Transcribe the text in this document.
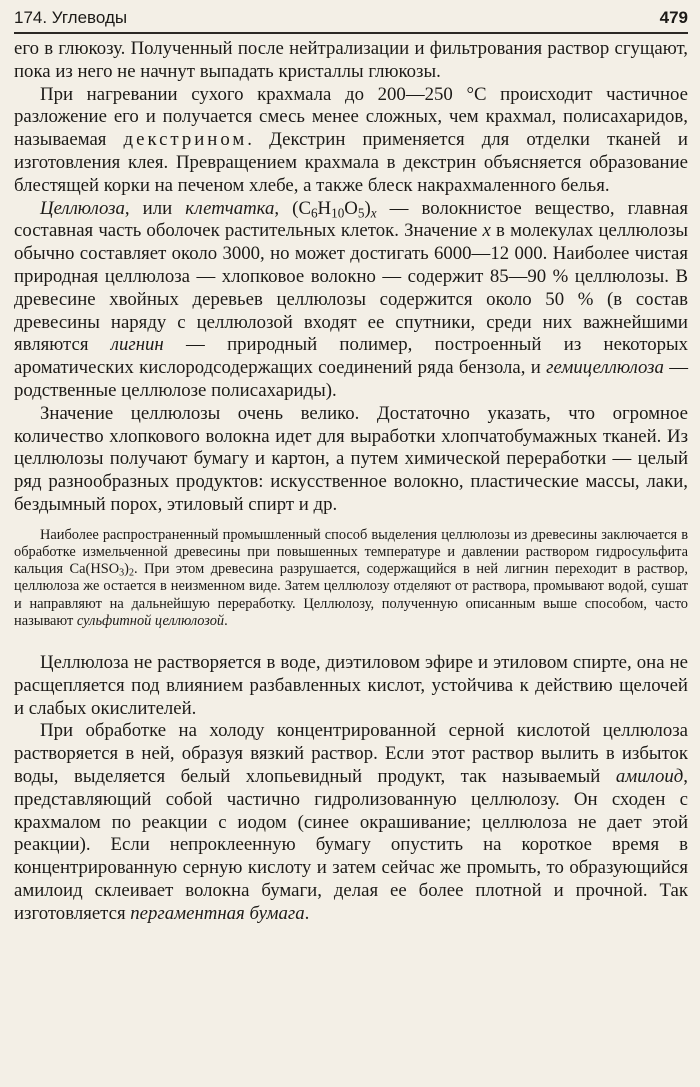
174. Углеводы	479

его в глюкозу. Полученный после нейтрализации и фильтрования раствор сгущают, пока из него не начнут выпадать кристаллы глюкозы.

При нагревании сухого крахмала до 200—250 °С происходит частичное разложение его и получается смесь менее сложных, чем крахмал, полисахаридов, называемая декстрином. Декстрин применяется для отделки тканей и изготовления клея. Превращением крахмала в декстрин объясняется образование блестящей корки на печеном хлебе, а также блеск накрахмаленного белья.

Целлюлоза, или клетчатка, $(C_6H_{10}O_5)_x$ — волокнистое вещество, главная составная часть оболочек растительных клеток. Значение x в молекулах целлюлозы обычно составляет около 3000, но может достигать 6000—12 000. Наиболее чистая природная целлюлоза — хлопковое волокно — содержит 85—90 % целлюлозы. В древесине хвойных деревьев целлюлозы содержится около 50 % (в состав древесины наряду с целлюлозой входят ее спутники, среди них важнейшими являются лигнин — природный полимер, построенный из некоторых ароматических кислородсодержащих соединений ряда бензола, и гемицеллюлоза — родственные целлюлозе полисахариды).

Значение целлюлозы очень велико. Достаточно указать, что огромное количество хлопкового волокна идет для выработки хлопчатобумажных тканей. Из целлюлозы получают бумагу и картон, а путем химической переработки — целый ряд разнообразных продуктов: искусственное волокно, пластические массы, лаки, бездымный порох, этиловый спирт и др.

Наиболее распространенный промышленный способ выделения целлюлозы из древесины заключается в обработке измельченной древесины при повышенных температуре и давлении раствором гидросульфита кальция $Ca(HSO_3)_2$. При этом древесина разрушается, содержащийся в ней лигнин переходит в раствор, целлюлоза же остается в неизменном виде. Затем целлюлозу отделяют от раствора, промывают водой, сушат и направляют на дальнейшую переработку. Целлюлозу, полученную описанным выше способом, часто называют сульфитной целлюлозой.

Целлюлоза не растворяется в воде, диэтиловом эфире и этиловом спирте, она не расщепляется под влиянием разбавленных кислот, устойчива к действию щелочей и слабых окислителей.

При обработке на холоду концентрированной серной кислотой целлюлоза растворяется в ней, образуя вязкий раствор. Если этот раствор вылить в избыток воды, выделяется белый хлопьевидный продукт, так называемый амилоид, представляющий собой частично гидролизованную целлюлозу. Он сходен с крахмалом по реакции с иодом (синее окрашивание; целлюлоза не дает этой реакции). Если непроклеенную бумагу опустить на короткое время в концентрированную серную кислоту и затем сейчас же промыть, то образующийся амилоид склеивает волокна бумаги, делая ее более плотной и прочной. Так изготовляется пергаментная бумага.
